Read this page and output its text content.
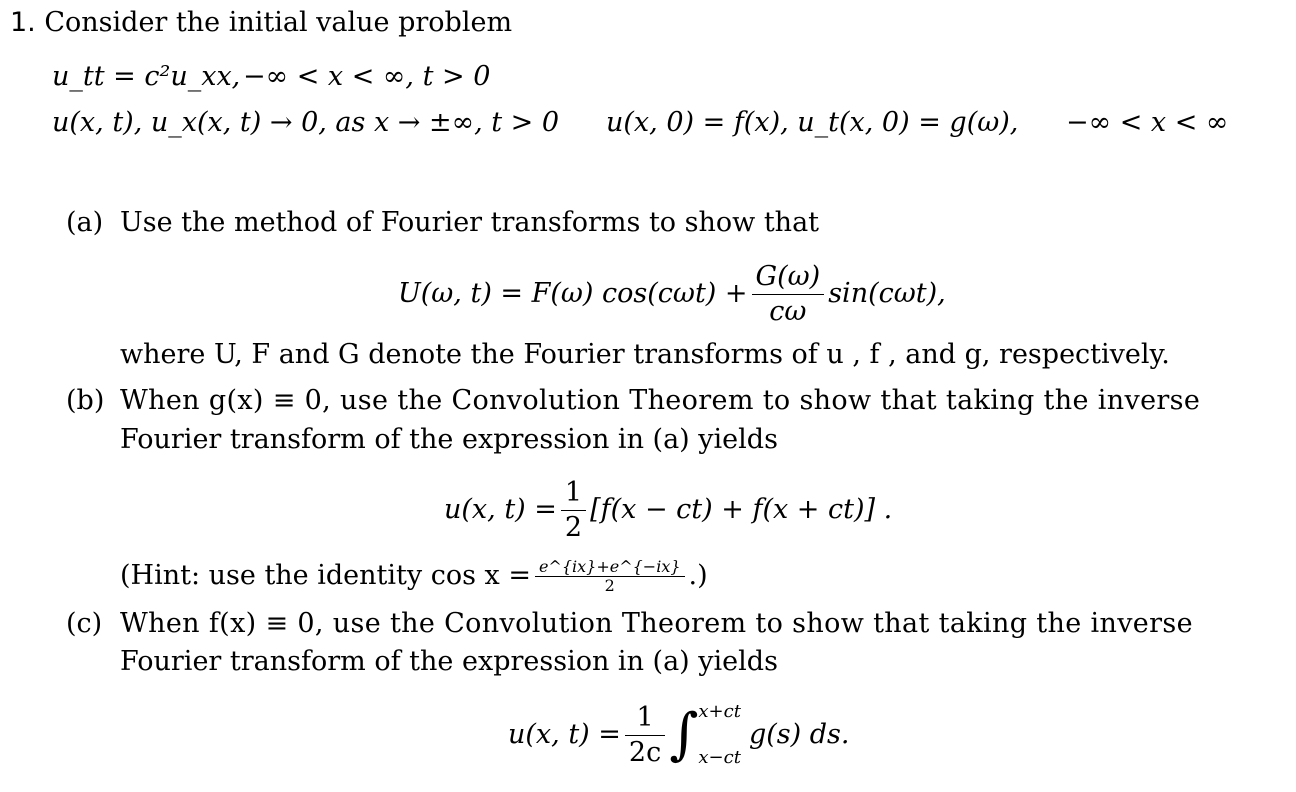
1. Consider the initial value problem
u_tt = c²u_xx, −∞ < x < ∞, t > 0
u(x, t), u_x(x, t) → 0, as x → ±∞, t > 0 u(x, 0) = f(x), u_t(x, 0) = g(ω), −∞ < x < ∞
(a) Use the method of Fourier transforms to show that
U(ω, t) = F(ω) $\cos(c\omega t) + \frac{G(\omega)}{c\omega} \sin(c\omega t)$,
where U, F and G denote the Fourier transforms of u , f , and g, respectively.
(b) When g(x) ≡ 0, use the Convolution Theorem to show that taking the inverse
Fourier transform of the expression in (a) yields
u(x, $t) = \frac{1}{2} [f(x - ct) + f(x + ct)]$ .
(Hint: use the identity $\cos x = \frac{e\^{}\{ix\}+e\^{}\{-ix\}}{2}$ .)
(c) When f(x) ≡ 0, use the Convolution Theorem to show that taking the inverse
Fourier transform of the expression in (a) yields
u(x, $t) = \frac{1}{2c}$ ∫ x+ct
x−ct
g(s) ds.
